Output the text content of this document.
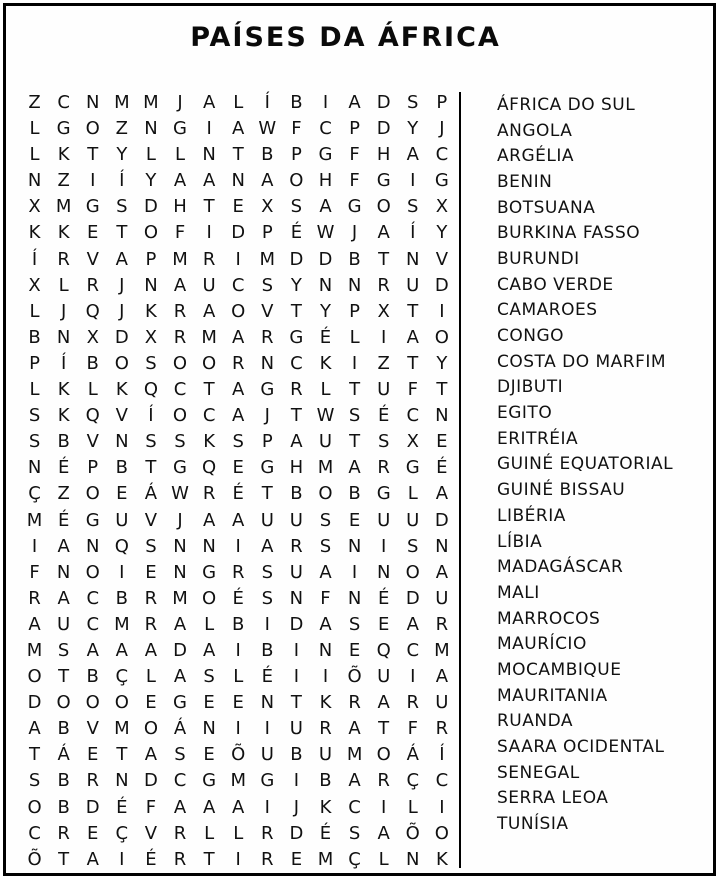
PAÍSES DA ÁFRICA
Z C N M M	J	A L	Í	B	I	A D S P
L G O Z N G	I	A W F C P D Y	J
L	K T	Y	L	L N T B P G F H A C
N Z	I	Í	Y A A N A O H F G	I	G
X M G S D H T E X S A G O S X
K K E T O F	I	D P É W J	A	Í	Y
Í	R V A P M R	I	M D D B T N V
X L R	J	N A U C S Y N N R U D
L	J	Q	J	K R A O V T	Y	P X T	I
B N X D X R M A R G É	L	I	A O
P	Í	B O S O O R N C K	I	Z T	Y
L	K	L	K Q C T A G R L	T U F	T
S K Q V	Í	O C A	J	T W S É C N
S B V N S S K S P A U T S X E
N É P B T G Q E G H M A R G É
Ç Z O E Á W R É T B O B G L A
M É G U V	J	A A U U S E U U D
I	A N Q S N N	I	A R S N	I	S N
F N O	I	E N G R S U A	I	N O A
R A C B R M O É S N F N É D U
A U C M R A L B	I	D A S E A R
M S A A A D A	I	B	I	N E Q C M
O T B Ç L A S	L	É	I	I	Õ U	I	A
D O O O E G E E N T K R A R U
A B V M O Á N	I	I	U R A T	F R
T Á E T A S E Õ U B U M O Á	Í
S B R N D C G M G	I	B A R Ç C
O B D É	F A A A	I	J	K C	I	L	I
C R E Ç V R L	L R D É S A Õ O
Õ T A	I	É R T	I	R E M Ç L N K
ÁFRICA DO SUL
ANGOLA
ARGÉLIA
BENIN
BOTSUANA
BURKINA FASSO
BURUNDI
CABO VERDE
CAMAROES
CONGO
COSTA DO MARFIM
DJIBUTI
EGITO
ERITRÉIA
GUINÉ EQUATORIAL
GUINÉ BISSAU
LIBÉRIA
LÍBIA
MADAGÁSCAR
MALI
MARROCOS
MAURÍCIO
MOCAMBIQUE
MAURITANIA
RUANDA
SAARA OCIDENTAL
SENEGAL
SERRA LEOA
TUNÍSIA
